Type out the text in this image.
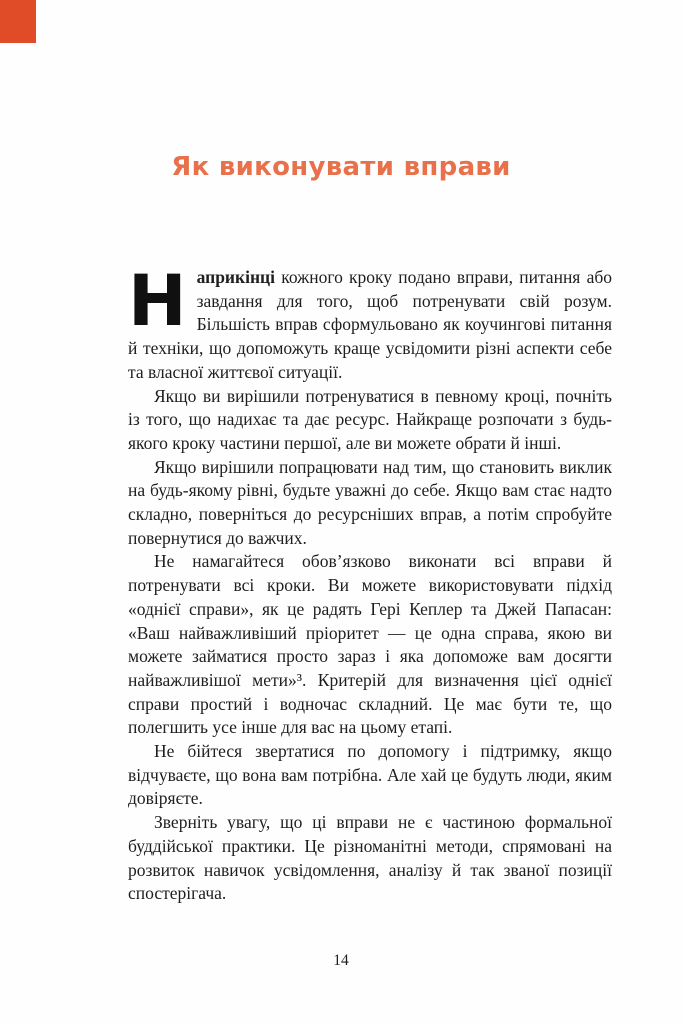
Як виконувати вправи

Наприкінці кожного кроку подано вправи, питання або завдання для того, щоб потренувати свій розум. Більшість вправ сформульовано як коучингові питання й техніки, що допоможуть краще усвідомити різні аспекти себе та власної життєвої ситуації.

Якщо ви вирішили потренуватися в певному кроці, почніть із того, що надихає та дає ресурс. Найкраще розпочати з будь-якого кроку частини першої, але ви можете обрати й інші.

Якщо вирішили попрацювати над тим, що становить виклик на будь-якому рівні, будьте уважні до себе. Якщо вам стає надто складно, поверніться до ресурсніших вправ, а потім спробуйте повернутися до важчих.

Не намагайтеся обов’язково виконати всі вправи й потренувати всі кроки. Ви можете використовувати підхід «однієї справи», як це радять Гері Кеплер та Джей Папасан: «Ваш найважливіший пріоритет — це одна справа, якою ви можете займатися просто зараз і яка допоможе вам досягти найважливішої мети»³. Критерій для визначення цієї однієї справи простий і водночас складний. Це має бути те, що полегшить усе інше для вас на цьому етапі.

Не бійтеся звертатися по допомогу і підтримку, якщо відчуваєте, що вона вам потрібна. Але хай це будуть люди, яким довіряєте.

Зверніть увагу, що ці вправи не є частиною формальної буддійської практики. Це різноманітні методи, спрямовані на розвиток навичок усвідомлення, аналізу й так званої позиції спостерігача.

14
